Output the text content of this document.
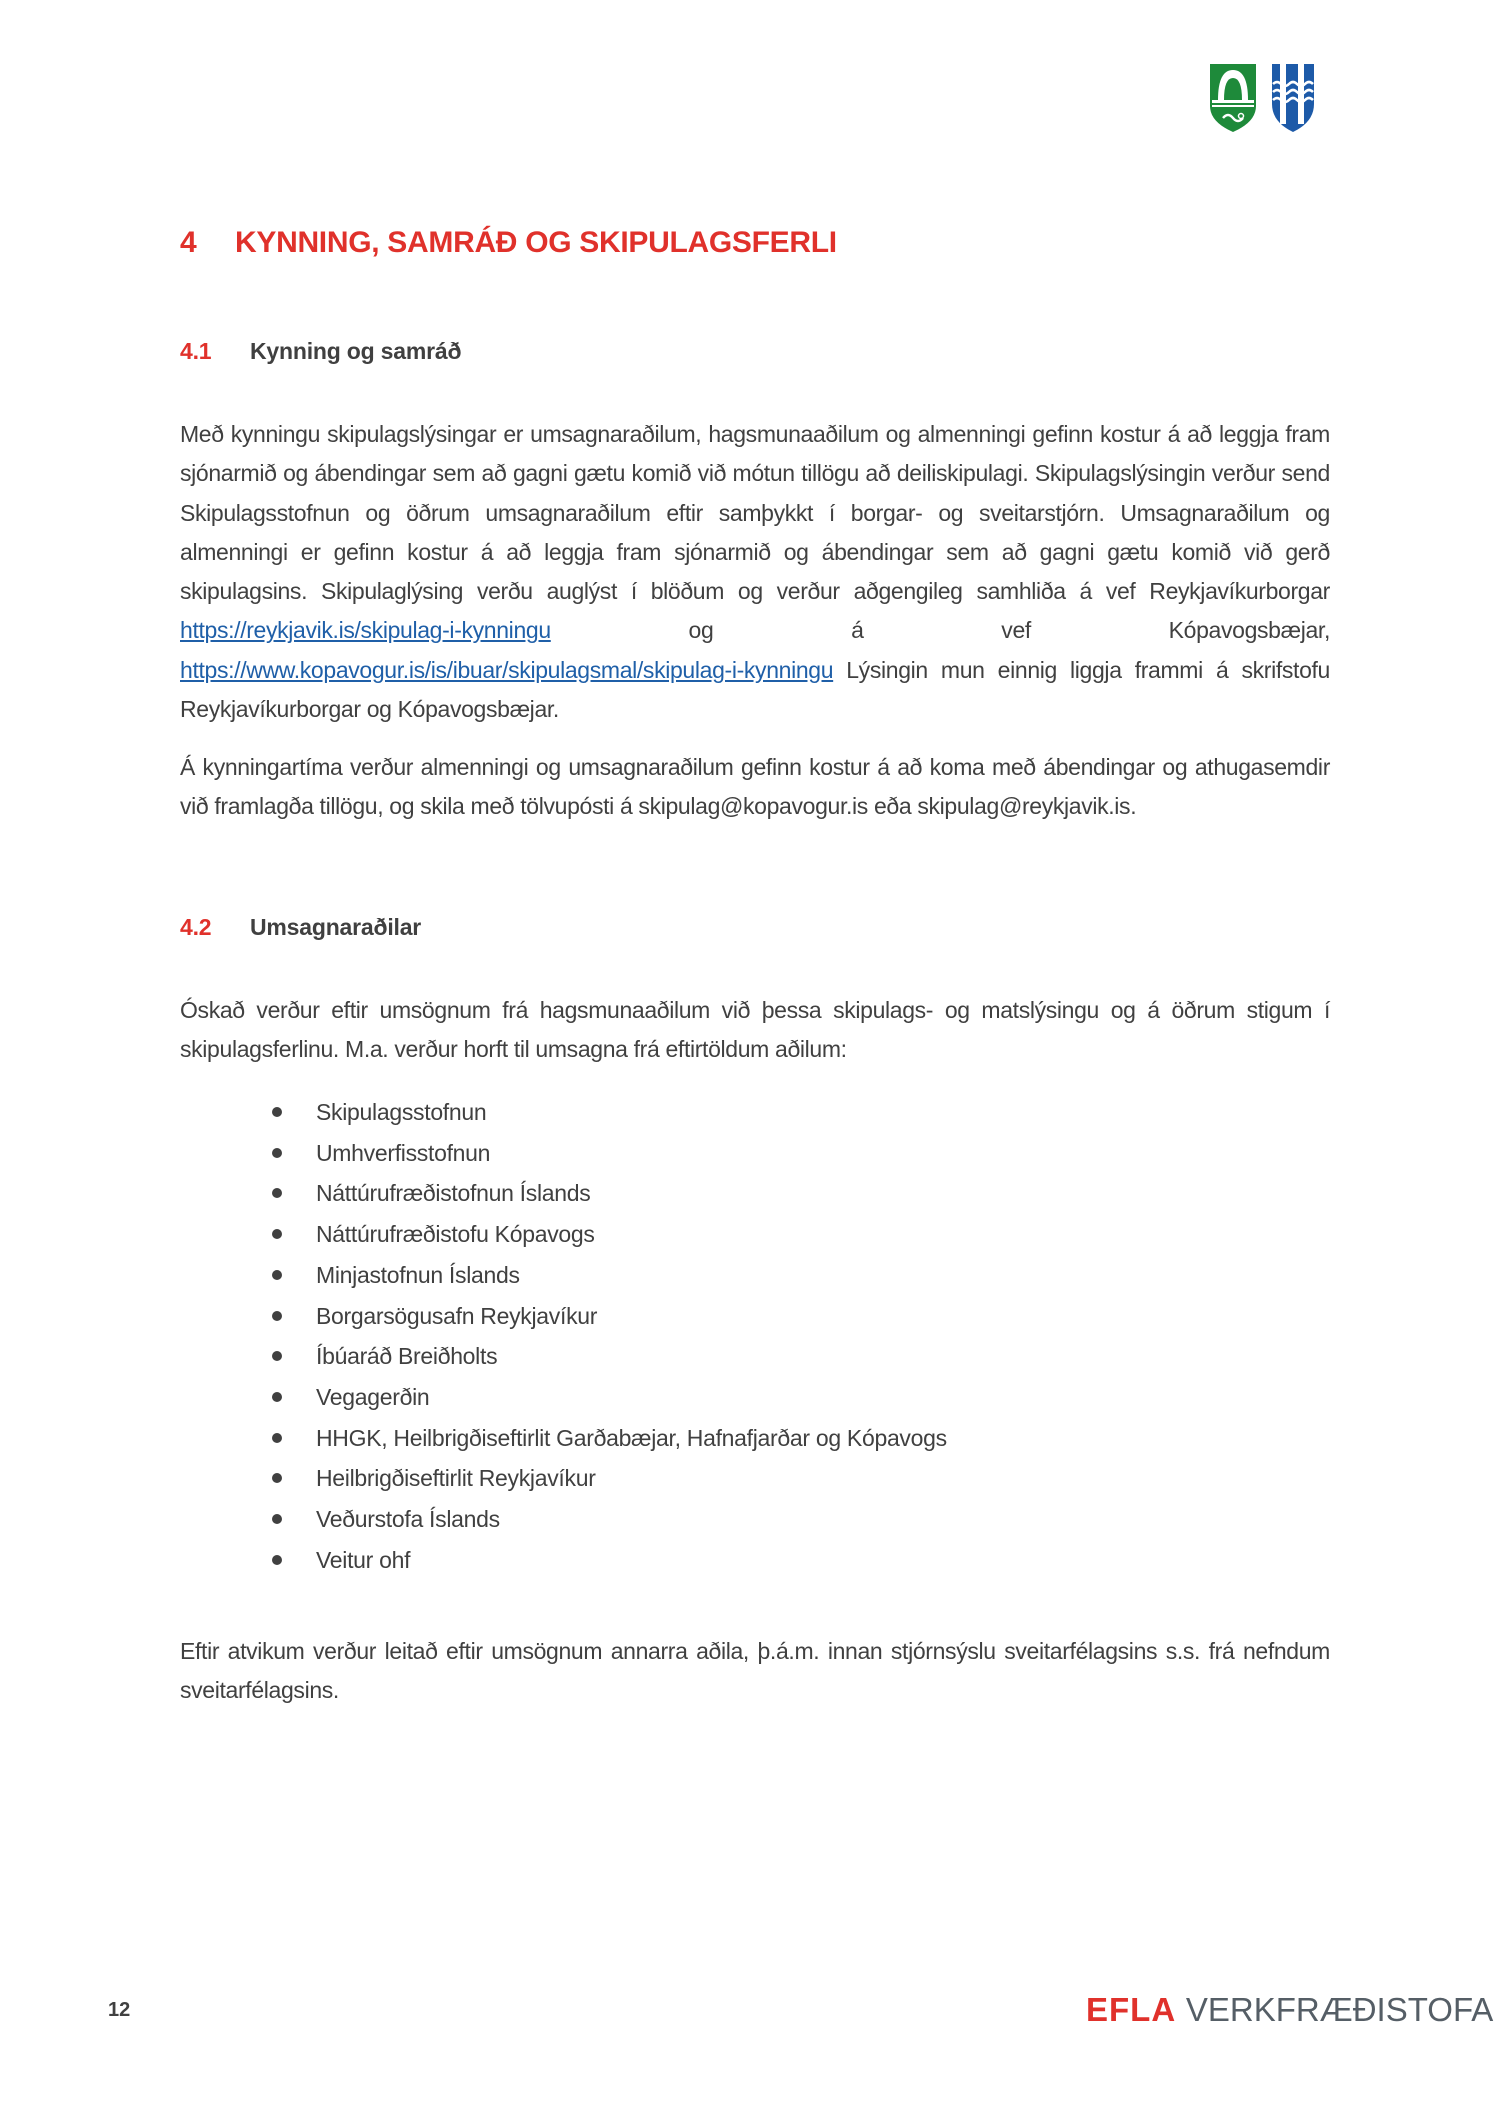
4 KYNNING, SAMRÁÐ OG SKIPULAGSFERLI
4.1 Kynning og samráð
Með kynningu skipulagslýsingar er umsagnaraðilum, hagsmunaaðilum og almenningi gefinn kostur á að leggja fram sjónarmið og ábendingar sem að gagni gætu komið við mótun tillögu að deiliskipulagi. Skipulagslýsingin verður send Skipulagsstofnun og öðrum umsagnaraðilum eftir samþykkt í borgar- og sveitarstjórn. Umsagnaraðilum og almenningi er gefinn kostur á að leggja fram sjónarmið og ábendingar sem að gagni gætu komið við gerð skipulagsins. Skipulaglýsing verðu auglýst í blöðum og verður aðgengileg samhliða á vef Reykjavíkurborgar https://reykjavik.is/skipulag-i-kynningu og á vef Kópavogsbæjar, https://www.kopavogur.is/is/ibuar/skipulagsmal/skipulag-i-kynningu Lýsingin mun einnig liggja frammi á skrifstofu Reykjavíkurborgar og Kópavogsbæjar.
Á kynningartíma verður almenningi og umsagnaraðilum gefinn kostur á að koma með ábendingar og athugasemdir við framlagða tillögu, og skila með tölvupósti á skipulag@kopavogur.is eða skipulag@reykjavik.is.
4.2 Umsagnaraðilar
Óskað verður eftir umsögnum frá hagsmunaaðilum við þessa skipulags- og matslýsingu og á öðrum stigum í skipulagsferlinu. M.a. verður horft til umsagna frá eftirtöldum aðilum:
Skipulagsstofnun
Umhverfisstofnun
Náttúrufræðistofnun Íslands
Náttúrufræðistofu Kópavogs
Minjastofnun Íslands
Borgarsögusafn Reykjavíkur
Íbúaráð Breiðholts
Vegagerðin
HHGK, Heilbrigðiseftirlit Garðabæjar, Hafnafjarðar og Kópavogs
Heilbrigðiseftirlit Reykjavíkur
Veðurstofa Íslands
Veitur ohf
Eftir atvikum verður leitað eftir umsögnum annarra aðila, þ.á.m. innan stjórnsýslu sveitarfélagsins s.s. frá nefndum sveitarfélagsins.
12	EFLA VERKFRÆÐISTOFA
